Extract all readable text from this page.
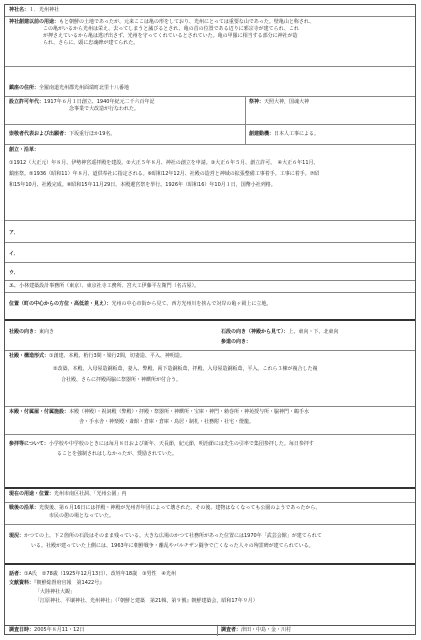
神社名：１．光州神社
神社創建以前の用途：もと朝鮮の土地であったが、元来ここは亀の形をしており、光州にとっては重要な山であった。壁亀山と称され、
この亀がいるから光州は栄え、去ってしまうと滅びるとされ、亀の首の位置である辺りに邪宗寺が建てられ、これ
が押さえているから亀は逃げ出さず、光州を守ってくれているとされていた。亀の甲羅に相当する部分に神社が造
られ、さらに、頭に忠魂碑が建てられた。
鎮座の住所：全羅南道光州郡光州面瑞町北里十八番地
設立許可年代：1917年６月１日創立、1940年紀元二千六百年記
念事業で大改造が行なわれた。
祭神：天照大神，国魂大神
崇敬者代表および出願者：下坂重行ほか19名。	創建動機：日本人工事による。
創立・沿革：
①1912（大正元）年８月、伊勢神宮遥拝殿を建設。②大正５年８月、神社の創立を申請。③大正６年５月、創立許可。　④大正６年11月、
鎮座祭。⑤1936（昭和11）年８月、道供奉社に指定される。⑥昭和12年12月、社殿の造営と神域の拡張整備工事着手。工事に着手。⑦昭
和15年10月、社殿完成。⑧昭和15年11月29日、本殿遷宮祭を挙行。1926年（昭和16）年10月１日，国幣小社列格。
ア．
イ．
ウ．
エ．小林建築設計事務所（東京）、東京社寺工務所、宮大工伊藤平左衛門（名古屋）。
位置（町の中心からの方位・高低差・見え）：光州の中心市街から見て、西方光州川を挟んで対岸の亀ヶ岡上に立地。
社殿の向き：東向き	石段の向き（神殿から見て）：上、東向・下、北東向
参道の向き：
社殿・構造形式：①創建、本殿、桁行3間・梁行2間，切妻造、平入、神明造。
②改築、本殿、入母屋造銅板葺，妻入、弊殿、両下造銅板葺，拝殿、入母屋造銅板葺，平入。これら３棟が複合した複
合社殿、さらに拝殿両脇に祭器所・神饌所が付合う。
本殿・付属屋・付属施設：本殿（神殿）・祝詞殿（弊殿）・拝殿・祭器所・神饌所・宝庫・神門・勅巻所・神苑授与所・脇神門・鶴手水
舎・手水舎・神楽殿・斎館・倉庫・倉庫・鳥居・制札・社務附・社宅・燈籠。
参拝等について：小学校や中学校のときには毎月８日および新年、天長節，紀元節，明治節には先生の引率で集団参拝した。毎日参拝す
ることを強制されはしなかったが、奨励されていた。
現在の用途・位置：光州市南区社洞、「光州公園」内
戦後の沿革：光復後、第６月16日には拝殿・神殿が光州青年団によって壊された。その後、建物はなくなっても公園のようであったから、
市民の憩の場となっていた。
現況：かつての上、下２箇所の石段はそのまま残っている。大きな広場のかつて社務所があった位置には1970年「武芸会館」が建てられて
いる。社殿が建っていた上側には、1963年に朝鮮戦争・離乱やパルチザン闘争で亡くなった人々の殉霊碑が建てられている。
話者：①A氏　②78歳（1925年12月13日）、改姓年18歳　③男性　④光州
文献資料：『朝鮮総督府官報　第1422号』
「大陸神社大観」
「江原神社、平壌神社、光州神社」（『朝鮮と建築　第21輯，第９號』朝鮮建築会，昭和17年９月）
調査日時：2005年８月11・12日	調査者：津田・中島・金・川村
